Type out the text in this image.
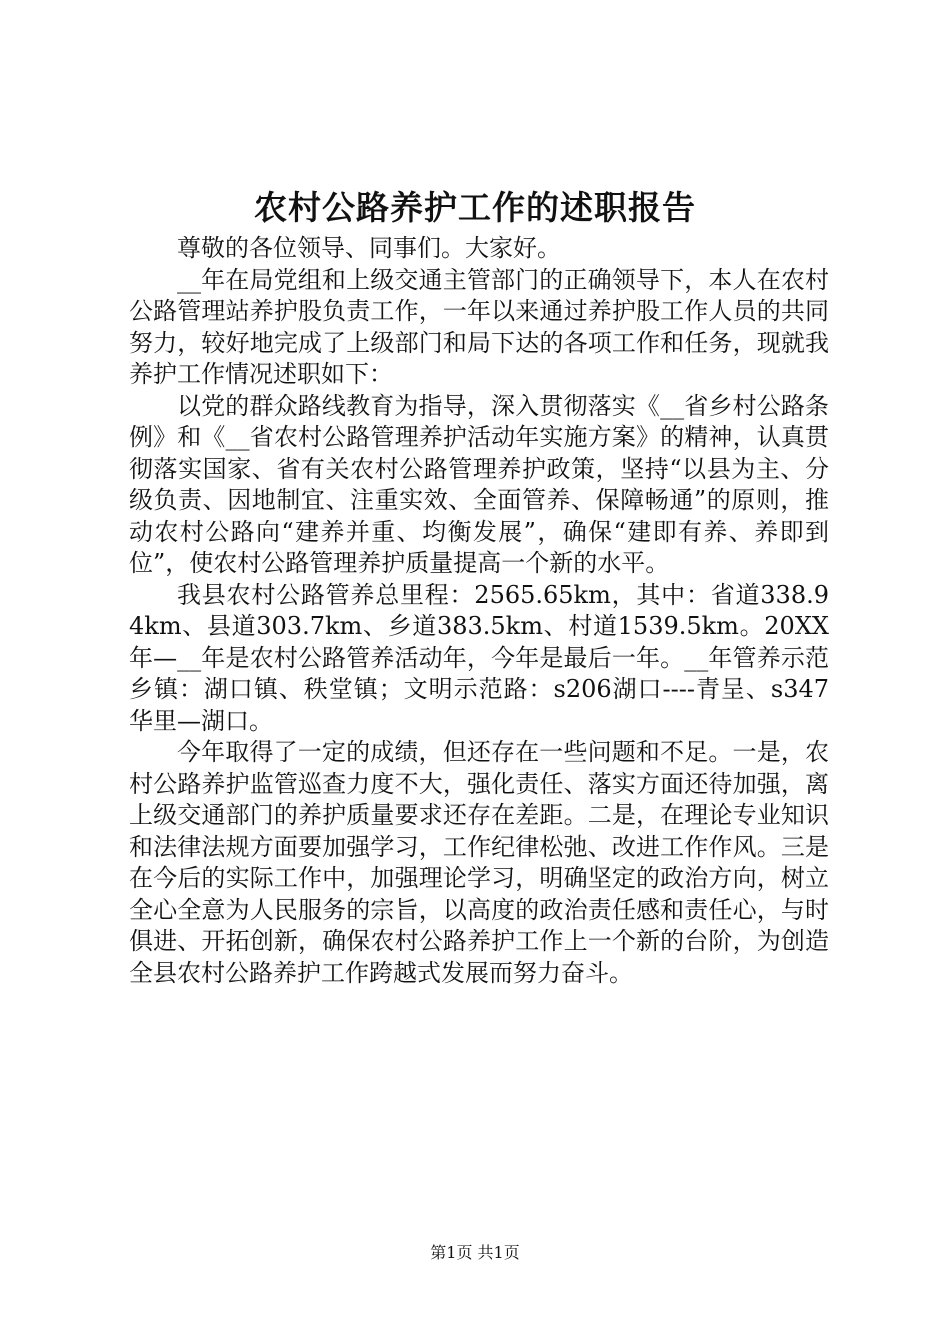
农村公路养护工作的述职报告

尊敬的各位领导、同事们。大家好。

__年在局党组和上级交通主管部门的正确领导下，本人在农村公路管理站养护股负责工作，一年以来通过养护股工作人员的共同努力，较好地完成了上级部门和局下达的各项工作和任务，现就我养护工作情况述职如下：

以党的群众路线教育为指导，深入贯彻落实《__省乡村公路条例》和《__省农村公路管理养护活动年实施方案》的精神，认真贯彻落实国家、省有关农村公路管理养护政策，坚持“以县为主、分级负责、因地制宜、注重实效、全面管养、保障畅通”的原则，推动农村公路向“建养并重、均衡发展”，确保“建即有养、养即到位”，使农村公路管理养护质量提高一个新的水平。

我县农村公路管养总里程：2565.65km，其中：省道338.94km、县道303.7km、乡道383.5km、村道1539.5km。20XX年—__年是农村公路管养活动年，今年是最后一年。__年管养示范乡镇：湖口镇、秩堂镇；文明示范路：s206湖口----青呈、s347华里—湖口。

今年取得了一定的成绩，但还存在一些问题和不足。一是，农村公路养护监管巡查力度不大，强化责任、落实方面还待加强，离上级交通部门的养护质量要求还存在差距。二是，在理论专业知识和法律法规方面要加强学习，工作纪律松弛、改进工作作风。三是在今后的实际工作中，加强理论学习，明确坚定的政治方向，树立全心全意为人民服务的宗旨，以高度的政治责任感和责任心，与时俱进、开拓创新，确保农村公路养护工作上一个新的台阶，为创造全县农村公路养护工作跨越式发展而努力奋斗。

第1页 共1页
